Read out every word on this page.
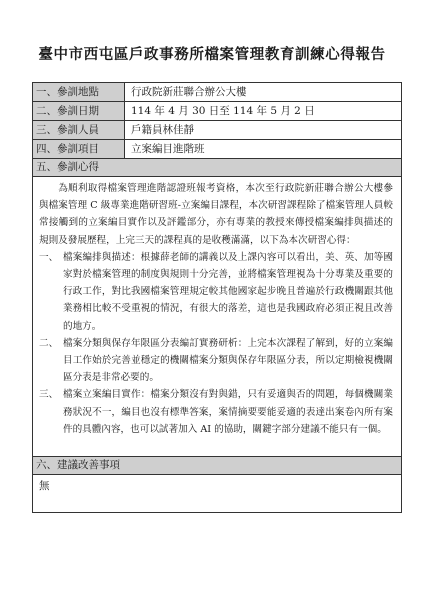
臺中市西屯區戶政事務所檔案管理教育訓練心得報告
一、參訓地點	行政院新莊聯合辦公大樓
二、參訓日期	114 年 4 月 30 日至 114 年 5 月 2 日
三、參訓人員	戶籍員林佳靜
四、參訓項目	立案編目進階班
五、參訓心得

為順利取得檔案管理進階認證班報考資格，本次至行政院新莊聯合辦公大樓參與檔案管理 C 級專業進階研習班-立案編目課程，本次研習課程除了檔案管理人員較常接觸到的立案編目實作以及評鑑部分，亦有專業的教授來傳授檔案編排與描述的規則及發展歷程，上完三天的課程真的是收穫滿滿，以下為本次研習心得：

一、 檔案編排與描述：根據薛老師的講義以及上課內容可以看出，美、英、加等國家對於檔案管理的制度與規則十分完善，並將檔案管理視為十分專業及重要的行政工作，對比我國檔案管理規定較其他國家起步晚且普遍於行政機關跟其他業務相比較不受重視的情況，有很大的落差，這也是我國政府必須正視且改善的地方。
二、 檔案分類與保存年限區分表編訂實務研析：上完本次課程了解到，好的立案編目工作始於完善並穩定的機關檔案分類與保存年限區分表，所以定期檢視機關區分表是非常必要的。
三、 檔案立案編目實作：檔案分類沒有對與錯，只有妥適與否的問題，每個機關業務狀況不一，編目也沒有標準答案，案情摘要要能妥適的表達出案卷內所有案件的具體內容，也可以試著加入 AI 的協助，關鍵字部分建議不能只有一個。
六、建議改善事項
無
